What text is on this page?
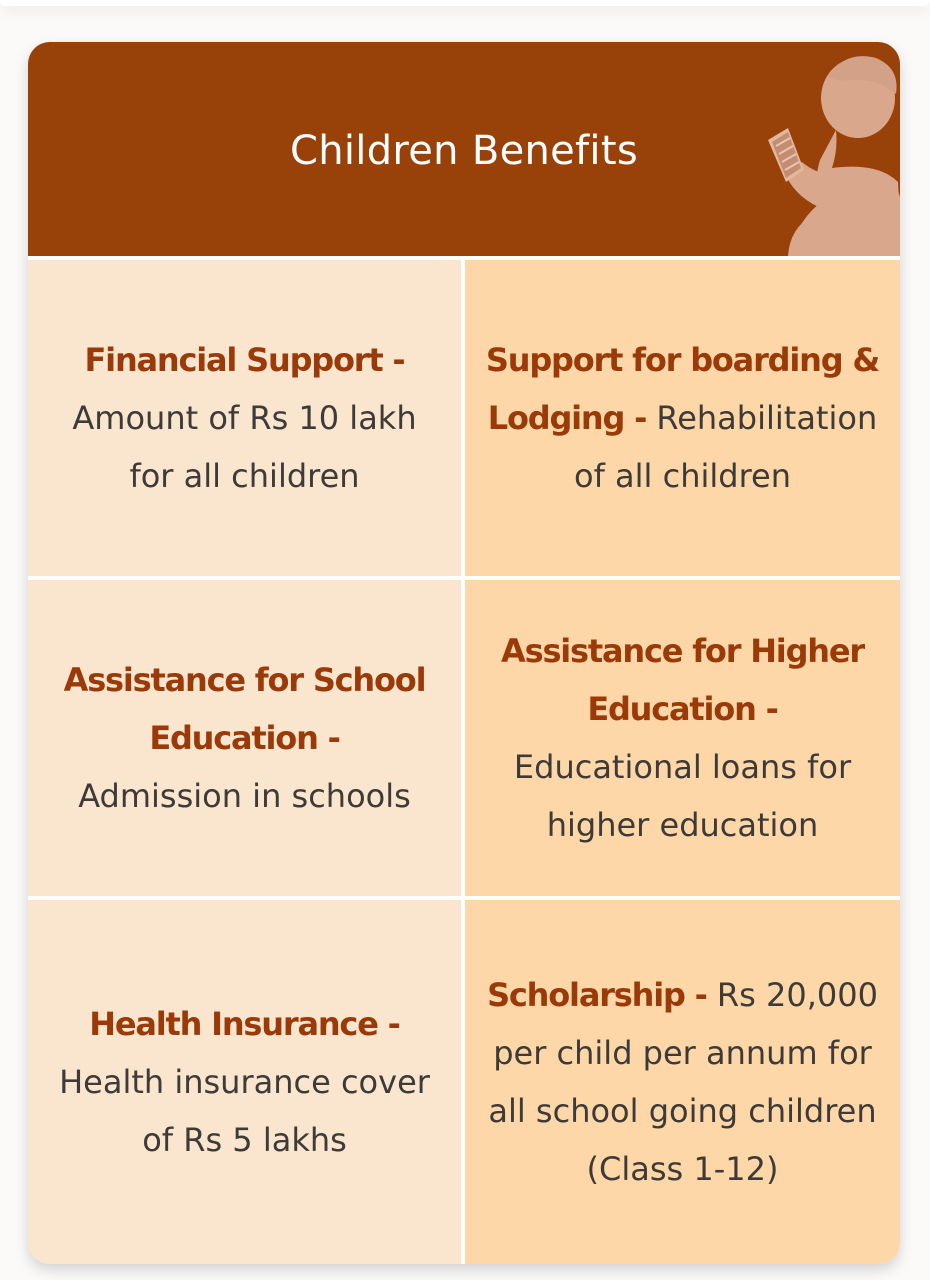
Children Benefits

Financial Support -
Amount of Rs 10 lakh for all children

Support for boarding & Lodging - Rehabilitation of all children

Assistance for School Education -
Admission in schools

Assistance for Higher Education -
Educational loans for higher education

Health Insurance -
Health insurance cover of Rs 5 lakhs

Scholarship - Rs 20,000 per child per annum for all school going children (Class 1-12)
